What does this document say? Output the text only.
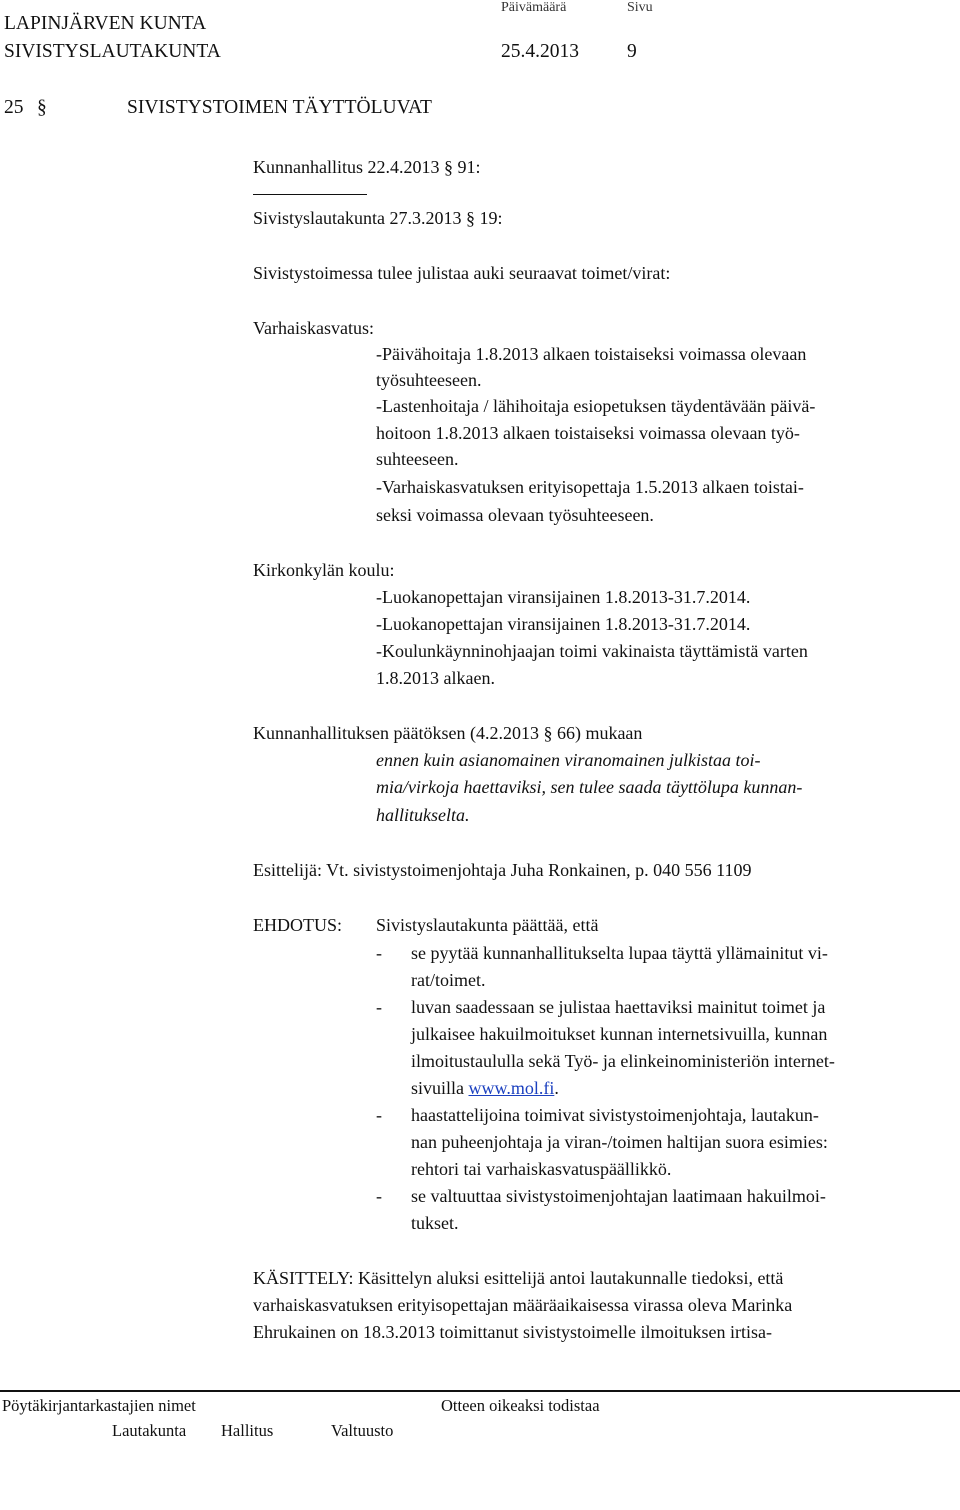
LAPINJÄRVEN KUNTA
SIVISTYSLAUTAKUNTA
Päivämäärä	Sivu
25.4.2013 9
25 §	SIVISTYSTOIMEN TÄYTTÖLUVAT
Kunnanhallitus 22.4.2013 § 91:
Sivistyslautakunta 27.3.2013 § 19:
Sivistystoimessa tulee julistaa auki seuraavat toimet/virat:
Varhaiskasvatus:
-Päivähoitaja 1.8.2013 alkaen toistaiseksi voimassa olevaan
työsuhteeseen.
-Lastenhoitaja / lähihoitaja esiopetuksen täydentävään päivä-
hoitoon 1.8.2013 alkaen toistaiseksi voimassa olevaan työ-
suhteeseen.
-Varhaiskasvatuksen erityisopettaja 1.5.2013 alkaen toistai-
seksi voimassa olevaan työsuhteeseen.
Kirkonkylän koulu:
-Luokanopettajan viransijainen 1.8.2013-31.7.2014.
-Luokanopettajan viransijainen 1.8.2013-31.7.2014.
-Koulunkäynninohjaajan toimi vakinaista täyttämistä varten
1.8.2013 alkaen.
Kunnanhallituksen päätöksen (4.2.2013 § 66) mukaan
ennen kuin asianomainen viranomainen julkistaa toi-
mia/virkoja haettaviksi, sen tulee saada täyttölupa kunnan-
hallitukselta.
Esittelijä: Vt. sivistystoimenjohtaja Juha Ronkainen, p. 040 556 1109
EHDOTUS: Sivistyslautakunta päättää, että
- se pyytää kunnanhallitukselta lupaa täyttä yllämainitut vi-
rat/toimet.
- luvan saadessaan se julistaa haettaviksi mainitut toimet ja
julkaisee hakuilmoitukset kunnan internetsivuilla, kunnan
ilmoitustaululla sekä Työ- ja elinkeinoministeriön internet-
sivuilla www.mol.fi.
- haastattelijoina toimivat sivistystoimenjohtaja, lautakun-
nan puheenjohtaja ja viran-/toimen haltijan suora esimies:
rehtori tai varhaiskasvatuspäällikkö.
- se valtuuttaa sivistystoimenjohtajan laatimaan hakuilmoi-
tukset.
KÄSITTELY: Käsittelyn aluksi esittelijä antoi lautakunnalle tiedoksi, että
varhaiskasvatuksen erityisopettajan määräaikaisessa virassa oleva Marinka
Ehrukainen on 18.3.2013 toimittanut sivistystoimelle ilmoituksen irtisa-
Pöytäkirjantarkastajien nimet	Otteen oikeaksi todistaa
Lautakunta Hallitus	Valtuusto
